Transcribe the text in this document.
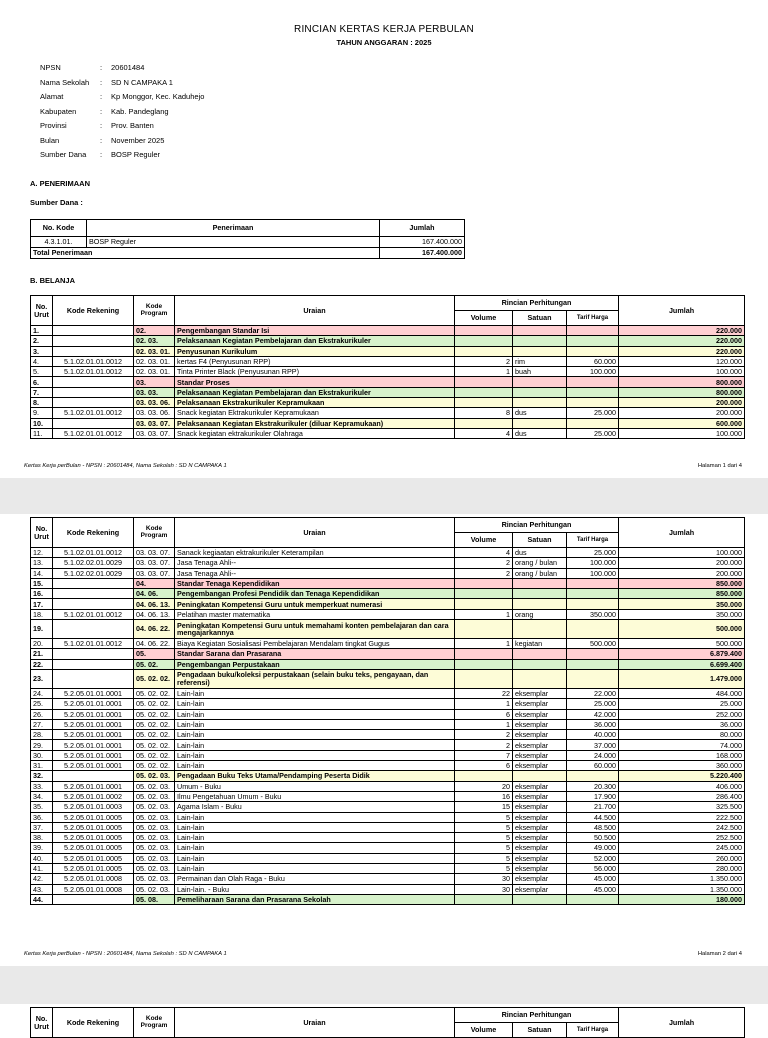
RINCIAN KERTAS KERJA PERBULAN
TAHUN ANGGARAN : 2025
NPSN	:	20601484
Nama Sekolah	:	SD N CAMPAKA 1
Alamat	:	Kp Monggor, Kec. Kaduhejo
Kabupaten	:	Kab. Pandeglang
Provinsi	:	Prov. Banten
Bulan	:	November 2025
Sumber Dana	:	BOSP Reguler
A. PENERIMAAN
Sumber Dana :
No. Kode	Penerimaan	Jumlah
4.3.1.01.	BOSP Reguler	167.400.000
Total Penerimaan		167.400.000
B. BELANJA
No. Urut	Kode Rekening	Kode Program	Uraian	Rincian Perhitungan			Jumlah
				Volume	Satuan	Tarif Harga	
1.		02.	Pengembangan Standar Isi				220.000
2.		02. 03.	Pelaksanaan Kegiatan Pembelajaran dan Ekstrakurikuler				220.000
3.		02. 03. 01.	Penyusunan Kurikulum				220.000
4.	5.1.02.01.01.0012	02. 03. 01.	kertas F4 (Penyusunan RPP)	2	rim	60.000	120.000
5.	5.1.02.01.01.0012	02. 03. 01.	Tinta Printer Black (Penyusunan RPP)	1	buah	100.000	100.000
6.		03.	Standar Proses				800.000
7.		03. 03.	Pelaksanaan Kegiatan Pembelajaran dan Ekstrakurikuler				800.000
8.		03. 03. 06.	Pelaksanaan Ekstrakurikuler Kepramukaan				200.000
9.	5.1.02.01.01.0012	03. 03. 06.	Snack kegiatan Ektrakurikuler Kepramukaan	8	dus	25.000	200.000
10.		03. 03. 07.	Pelaksanaan Kegiatan Ekstrakurikuler (diluar Kepramukaan)				600.000
11.	5.1.02.01.01.0012	03. 03. 07.	Snack kegiatan ektrakurikuler Olahraga	4	dus	25.000	100.000
Kertas Kerja perBulan - NPSN : 20601484, Nama Sekolah : SD N CAMPAKA 1	Halaman 1 dari 4
No. Urut	Kode Rekening	Kode Program	Uraian	Rincian Perhitungan			Jumlah
				Volume	Satuan	Tarif Harga	
12.	5.1.02.01.01.0012	03. 03. 07.	Sanack kegiaatan ektrakurikuler Keterampilan	4	dus	25.000	100.000
13.	5.1.02.02.01.0029	03. 03. 07.	Jasa Tenaga Ahli--	2	orang / bulan	100.000	200.000
14.	5.1.02.02.01.0029	03. 03. 07.	Jasa Tenaga Ahli--	2	orang / bulan	100.000	200.000
15.		04.	Standar Tenaga Kependidikan				850.000
16.		04. 06.	Pengembangan Profesi Pendidik dan Tenaga Kependidikan				850.000
17.		04. 06. 13.	Peningkatan Kompetensi Guru untuk memperkuat numerasi				350.000
18.	5.1.02.01.01.0012	04. 06. 13.	Pelatihan master matematika	1	orang	350.000	350.000
19.		04. 06. 22.	Peningkatan Kompetensi Guru untuk memahami konten pembelajaran dan cara mengajarkannya				500.000
20.	5.1.02.01.01.0012	04. 06. 22.	Biaya Kegiatan Sosialisasi Pembelajaran Mendalam tingkat Gugus	1	kegiatan	500.000	500.000
21.		05.	Standar Sarana dan Prasarana				6.879.400
22.		05. 02.	Pengembangan Perpustakaan				6.699.400
23.		05. 02. 02.	Pengadaan buku/koleksi perpustakaan (selain buku teks, pengayaan, dan referensi)				1.479.000
24.	5.2.05.01.01.0001	05. 02. 02.	Lain-lain	22	eksemplar	22.000	484.000
25.	5.2.05.01.01.0001	05. 02. 02.	Lain-lain	1	eksemplar	25.000	25.000
26.	5.2.05.01.01.0001	05. 02. 02.	Lain-lain	6	eksemplar	42.000	252.000
27.	5.2.05.01.01.0001	05. 02. 02.	Lain-lain	1	eksemplar	36.000	36.000
28.	5.2.05.01.01.0001	05. 02. 02.	Lain-lain	2	eksemplar	40.000	80.000
29.	5.2.05.01.01.0001	05. 02. 02.	Lain-lain	2	eksemplar	37.000	74.000
30.	5.2.05.01.01.0001	05. 02. 02.	Lain-lain	7	eksemplar	24.000	168.000
31.	5.2.05.01.01.0001	05. 02. 02.	Lain-lain	6	eksemplar	60.000	360.000
32.		05. 02. 03.	Pengadaan Buku Teks Utama/Pendamping Peserta Didik				5.220.400
33.	5.2.05.01.01.0001	05. 02. 03.	Umum - Buku	20	eksemplar	20.300	406.000
34.	5.2.05.01.01.0002	05. 02. 03.	Ilmu Pengetahuan Umum - Buku	16	eksemplar	17.900	286.400
35.	5.2.05.01.01.0003	05. 02. 03.	Agama Islam - Buku	15	eksemplar	21.700	325.500
36.	5.2.05.01.01.0005	05. 02. 03.	Lain-lain	5	eksemplar	44.500	222.500
37.	5.2.05.01.01.0005	05. 02. 03.	Lain-lain	5	eksemplar	48.500	242.500
38.	5.2.05.01.01.0005	05. 02. 03.	Lain-lain	5	eksemplar	50.500	252.500
39.	5.2.05.01.01.0005	05. 02. 03.	Lain-lain	5	eksemplar	49.000	245.000
40.	5.2.05.01.01.0005	05. 02. 03.	Lain-lain	5	eksemplar	52.000	260.000
41.	5.2.05.01.01.0005	05. 02. 03.	Lain-lain	5	eksemplar	56.000	280.000
42.	5.2.05.01.01.0008	05. 02. 03.	Permainan dan Olah Raga - Buku	30	eksemplar	45.000	1.350.000
43.	5.2.05.01.01.0008	05. 02. 03.	Lain-lain. - Buku	30	eksemplar	45.000	1.350.000
44.		05. 08.	Pemeliharaan Sarana dan Prasarana Sekolah				180.000
Kertas Kerja perBulan - NPSN : 20601484, Nama Sekolah : SD N CAMPAKA 1	Halaman 2 dari 4
No. Urut	Kode Rekening	Kode Program	Uraian	Rincian Perhitungan			Jumlah
				Volume	Satuan	Tarif Harga	
